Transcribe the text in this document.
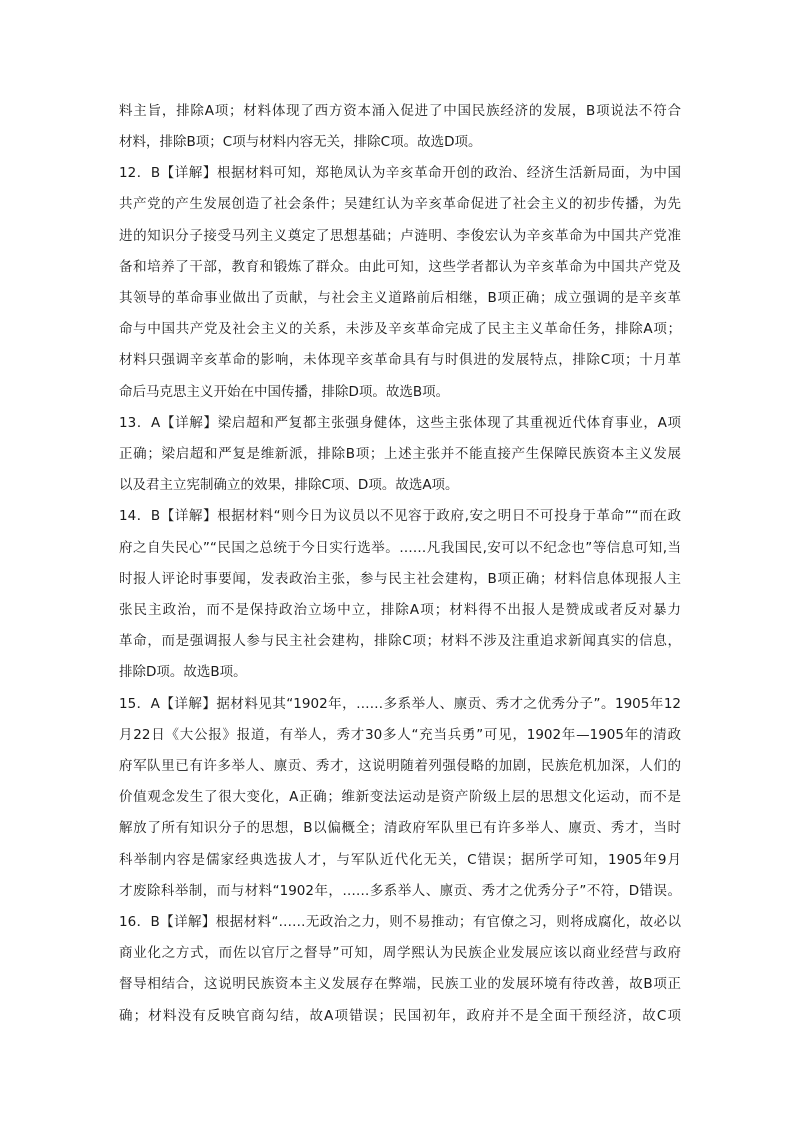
料主旨，排除A项；材料体现了西方资本涌入促进了中国民族经济的发展，B项说法不符合
材料，排除B项；C项与材料内容无关，排除C项。故选D项。
12．B【详解】根据材料可知，郑艳凤认为辛亥革命开创的政治、经济生活新局面，为中国
共产党的产生发展创造了社会条件；吴建红认为辛亥革命促进了社会主义的初步传播，为先
进的知识分子接受马列主义奠定了思想基础；卢涟明、李俊宏认为辛亥革命为中国共产党准
备和培养了干部，教育和锻炼了群众。由此可知，这些学者都认为辛亥革命为中国共产党及
其领导的革命事业做出了贡献，与社会主义道路前后相继，B项正确；成立强调的是辛亥革
命与中国共产党及社会主义的关系，未涉及辛亥革命完成了民主主义革命任务，排除A项；
材料只强调辛亥革命的影响，未体现辛亥革命具有与时俱进的发展特点，排除C项；十月革
命后马克思主义开始在中国传播，排除D项。故选B项。
13．A【详解】梁启超和严复都主张强身健体，这些主张体现了其重视近代体育事业，A项
正确；梁启超和严复是维新派，排除B项；上述主张并不能直接产生保障民族资本主义发展
以及君主立宪制确立的效果，排除C项、D项。故选A项。
14．B【详解】根据材料“则今日为议员以不见容于政府,安之明日不可投身于革命”“而在政
府之自失民心”“民国之总统于今日实行选举。……凡我国民,安可以不纪念也”等信息可知,当
时报人评论时事要闻，发表政治主张，参与民主社会建构，B项正确；材料信息体现报人主
张民主政治，而不是保持政治立场中立，排除A项；材料得不出报人是赞成或者反对暴力
革命，而是强调报人参与民主社会建构，排除C项；材料不涉及注重追求新闻真实的信息，
排除D项。故选B项。
15．A【详解】据材料见其“1902年，……多系举人、廪贡、秀才之优秀分子”。1905年12
月22日《大公报》报道，有举人，秀才30多人“充当兵勇”可见，1902年—1905年的清政
府军队里已有许多举人、廪贡、秀才，这说明随着列强侵略的加剧，民族危机加深，人们的
价值观念发生了很大变化，A正确；维新变法运动是资产阶级上层的思想文化运动，而不是
解放了所有知识分子的思想，B以偏概全；清政府军队里已有许多举人、廪贡、秀才，当时
科举制内容是儒家经典选拔人才，与军队近代化无关，C错误；据所学可知，1905年9月
才废除科举制，而与材料“1902年，……多系举人、廪贡、秀才之优秀分子”不符，D错误。
16．B【详解】根据材料“……无政治之力，则不易推动；有官僚之习，则将成腐化，故必以
商业化之方式，而佐以官厅之督导”可知，周学熙认为民族企业发展应该以商业经营与政府
督导相结合，这说明民族资本主义发展存在弊端，民族工业的发展环境有待改善，故B项正
确；材料没有反映官商勾结，故A项错误；民国初年，政府并不是全面干预经济，故C项
